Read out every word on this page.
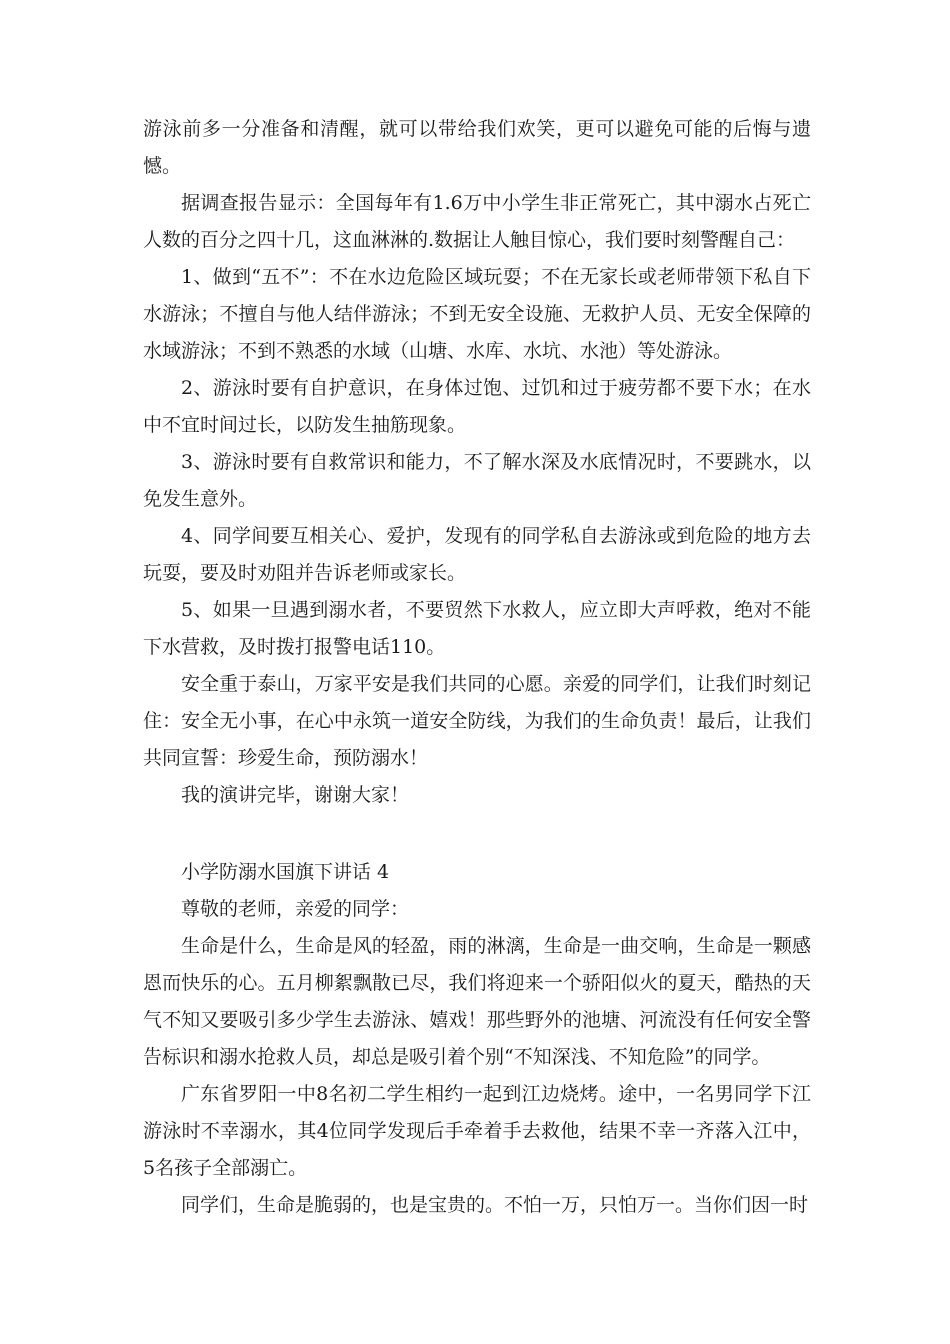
游泳前多一分准备和清醒，就可以带给我们欢笑，更可以避免可能的后悔与遗憾。

据调查报告显示：全国每年有1.6万中小学生非正常死亡，其中溺水占死亡人数的百分之四十几，这血淋淋的.数据让人触目惊心，我们要时刻警醒自己：

1、做到“五不”：不在水边危险区域玩耍；不在无家长或老师带领下私自下水游泳；不擅自与他人结伴游泳；不到无安全设施、无救护人员、无安全保障的水域游泳；不到不熟悉的水域（山塘、水库、水坑、水池）等处游泳。

2、游泳时要有自护意识，在身体过饱、过饥和过于疲劳都不要下水；在水中不宜时间过长，以防发生抽筋现象。

3、游泳时要有自救常识和能力，不了解水深及水底情况时，不要跳水，以免发生意外。

4、同学间要互相关心、爱护，发现有的同学私自去游泳或到危险的地方去玩耍，要及时劝阻并告诉老师或家长。

5、如果一旦遇到溺水者，不要贸然下水救人，应立即大声呼救，绝对不能下水营救，及时拨打报警电话110。

安全重于泰山，万家平安是我们共同的心愿。亲爱的同学们，让我们时刻记住：安全无小事，在心中永筑一道安全防线，为我们的生命负责！最后，让我们共同宣誓：珍爱生命，预防溺水！

我的演讲完毕，谢谢大家！

小学防溺水国旗下讲话 4

尊敬的老师，亲爱的同学：

生命是什么，生命是风的轻盈，雨的淋漓，生命是一曲交响，生命是一颗感恩而快乐的心。五月柳絮飘散已尽，我们将迎来一个骄阳似火的夏天，酷热的天气不知又要吸引多少学生去游泳、嬉戏！那些野外的池塘、河流没有任何安全警告标识和溺水抢救人员，却总是吸引着个别“不知深浅、不知危险”的同学。

广东省罗阳一中8名初二学生相约一起到江边烧烤。途中，一名男同学下江游泳时不幸溺水，其4位同学发现后手牵着手去救他，结果不幸一齐落入江中，5名孩子全部溺亡。

同学们，生命是脆弱的，也是宝贵的。不怕一万，只怕万一。当你们因一时
